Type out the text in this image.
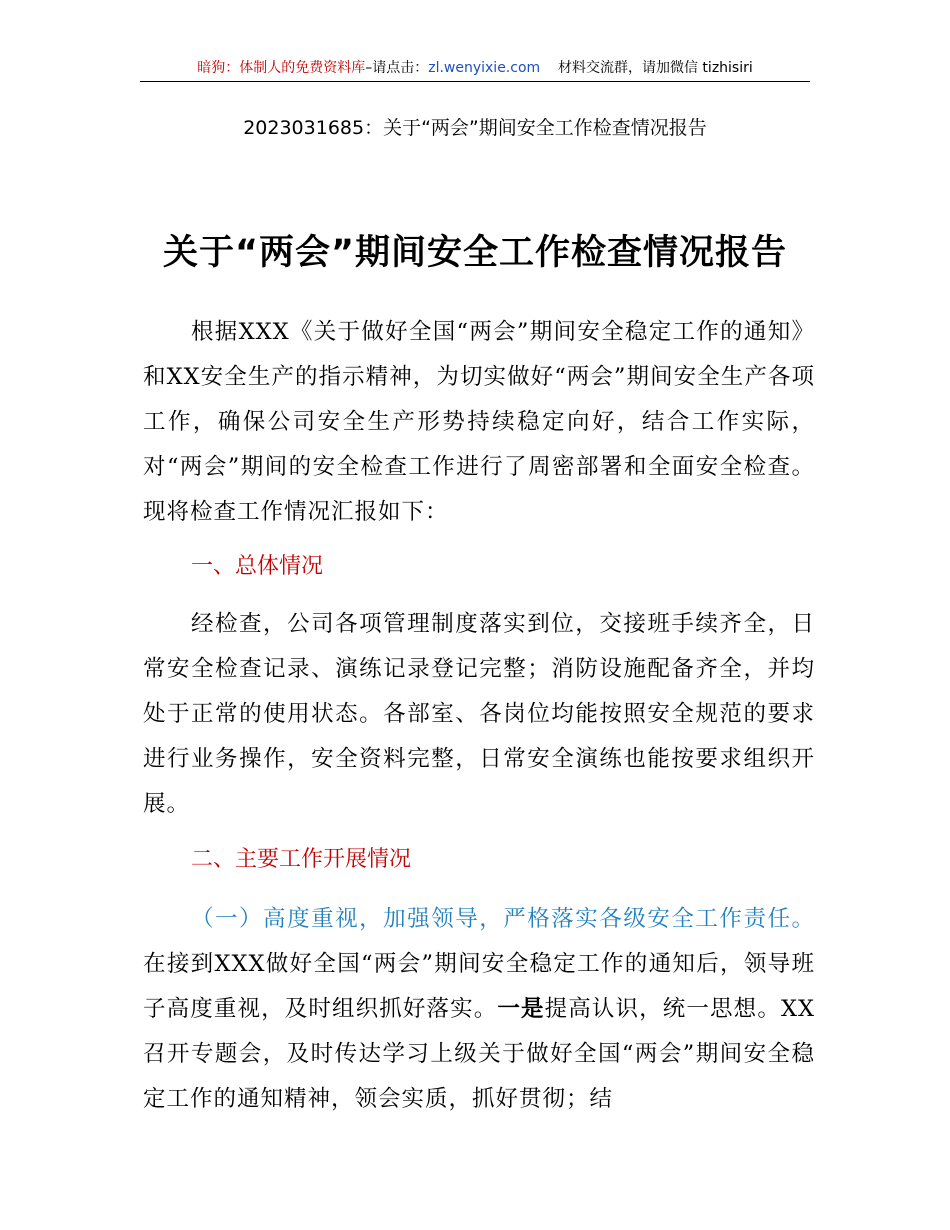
暗狗：体制人的免费资料库–请点击：zl.wenyixie.com 材料交流群，请加微信 tizhisiri
2023031685：关于“两会”期间安全工作检查情况报告
关于“两会”期间安全工作检查情况报告
根据XXX《关于做好全国“两会”期间安全稳定工作的通知》和XX安全生产的指示精神，为切实做好“两会”期间安全生产各项工作，确保公司安全生产形势持续稳定向好，结合工作实际，对“两会”期间的安全检查工作进行了周密部署和全面安全检查。现将检查工作情况汇报如下：
一、总体情况
经检查，公司各项管理制度落实到位，交接班手续齐全，日常安全检查记录、演练记录登记完整；消防设施配备齐全，并均处于正常的使用状态。各部室、各岗位均能按照安全规范的要求进行业务操作，安全资料完整，日常安全演练也能按要求组织开展。
二、主要工作开展情况
（一）高度重视，加强领导，严格落实各级安全工作责任。在接到XXX做好全国“两会”期间安全稳定工作的通知后，领导班子高度重视，及时组织抓好落实。一是提高认识，统一思想。XX召开专题会，及时传达学习上级关于做好全国“两会”期间安全稳定工作的通知精神，领会实质，抓好贯彻；结
